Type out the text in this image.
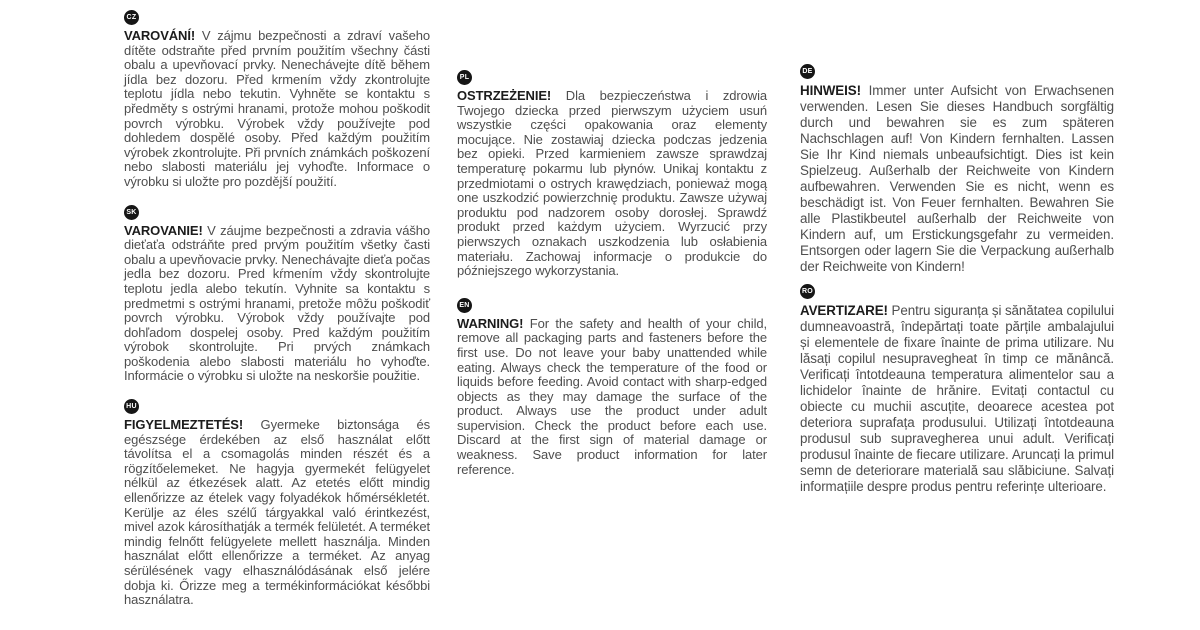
CZ

VAROVÁNÍ! V zájmu bezpečnosti a zdraví vašeho dítěte odstraňte před prvním použitím všechny části obalu a upevňovací prvky. Nenechávejte dítě během jídla bez dozoru. Před krmením vždy zkontrolujte teplotu jídla nebo tekutin. Vyhněte se kontaktu s předměty s ostrými hranami, protože mohou poškodit povrch výrobku. Výrobek vždy používejte pod dohledem dospělé osoby. Před každým použitím výrobek zkontrolujte. Při prvních známkách poškození nebo slabosti materiálu jej vyhoďte. Informace o výrobku si uložte pro pozdější použití.

SK

VAROVANIE! V záujme bezpečnosti a zdravia vášho dieťaťa odstráňte pred prvým použitím všetky časti obalu a upevňovacie prvky. Nenechávajte dieťa počas jedla bez dozoru. Pred kŕmením vždy skontrolujte teplotu jedla alebo tekutín. Vyhnite sa kontaktu s predmetmi s ostrými hranami, pretože môžu poškodiť povrch výrobku. Výrobok vždy používajte pod dohľadom dospelej osoby. Pred každým použitím výrobok skontrolujte. Pri prvých známkach poškodenia alebo slabosti materiálu ho vyhoďte. Informácie o výrobku si uložte na neskoršie použitie.

HU

FIGYELMEZTETÉS! Gyermeke biztonsága és egészsége érdekében az első használat előtt távolítsa el a csomagolás minden részét és a rögzítőelemeket. Ne hagyja gyermekét felügyelet nélkül az étkezések alatt. Az etetés előtt mindig ellenőrizze az ételek vagy folyadékok hőmérsékletét. Kerülje az éles szélű tárgyakkal való érintkezést, mivel azok károsíthatják a termék felületét. A terméket mindig felnőtt felügyelete mellett használja. Minden használat előtt ellenőrizze a terméket. Az anyag sérülésének vagy elhasználódásának első jelére dobja ki. Őrizze meg a termékinformációkat későbbi használatra.

PL

OSTRZEŻENIE! Dla bezpieczeństwa i zdrowia Twojego dziecka przed pierwszym użyciem usuń wszystkie części opakowania oraz elementy mocujące. Nie zostawiaj dziecka podczas jedzenia bez opieki. Przed karmieniem zawsze sprawdzaj temperaturę pokarmu lub płynów. Unikaj kontaktu z przedmiotami o ostrych krawędziach, ponieważ mogą one uszkodzić powierzchnię produktu. Zawsze używaj produktu pod nadzorem osoby dorosłej. Sprawdź produkt przed każdym użyciem. Wyrzucić przy pierwszych oznakach uszkodzenia lub osłabienia materiału. Zachowaj informacje o produkcie do późniejszego wykorzystania.

EN

WARNING! For the safety and health of your child, remove all packaging parts and fasteners before the first use. Do not leave your baby unattended while eating. Always check the temperature of the food or liquids before feeding. Avoid contact with sharp-edged objects as they may damage the surface of the product. Always use the product under adult supervision. Check the product before each use. Discard at the first sign of material damage or weakness. Save product information for later reference.

DE

HINWEIS! Immer unter Aufsicht von Erwachsenen verwenden. Lesen Sie dieses Handbuch sorgfältig durch und bewahren sie es zum späteren Nachschlagen auf! Von Kindern fernhalten. Lassen Sie Ihr Kind niemals unbeaufsichtigt. Dies ist kein Spielzeug. Außerhalb der Reichweite von Kindern aufbewahren. Verwenden Sie es nicht, wenn es beschädigt ist. Von Feuer fernhalten. Bewahren Sie alle Plastikbeutel außerhalb der Reichweite von Kindern auf, um Erstickungsgefahr zu vermeiden. Entsorgen oder lagern Sie die Verpackung außerhalb der Reichweite von Kindern!

RO

AVERTIZARE! Pentru siguranța și sănătatea copilului dumneavoastră, îndepărtați toate părțile ambalajului și elementele de fixare înainte de prima utilizare. Nu lăsați copilul nesupravegheat în timp ce mănâncă. Verificați întotdeauna temperatura alimentelor sau a lichidelor înainte de hrănire. Evitați contactul cu obiecte cu muchii ascuțite, deoarece acestea pot deteriora suprafața produsului. Utilizați întotdeauna produsul sub supravegherea unui adult. Verificați produsul înainte de fiecare utilizare. Aruncați la primul semn de deteriorare materială sau slăbiciune. Salvați informațiile despre produs pentru referințe ulterioare.
